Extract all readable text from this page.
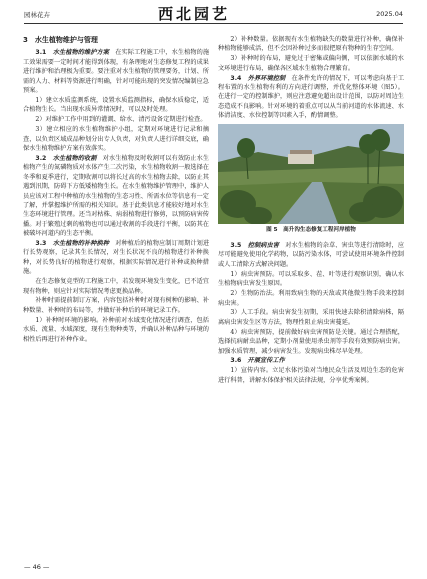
园林花卉	西北园艺	2025.04
3　水生植物维护与管理

3.1　 水生植物的维护方案　 在实际工程施工中，水生植物的施工效果需要一定时间才能得到体现，有条理地对生态修复工程的成果进行维护和治理极为重要。要注重对水生植物的管理要务，计划、所需的人力、材料等资源进行明确，针对可能出现的突发情况编制应急预案。

1）建立水质监测系统，设置水质监测指标，确保水质稳定，适合植物生长。当出现水质异常情况时，可以及时处理。

2）对维护工作中用到的灌溉、给水、清污设备定期进行检查。

3）建立相应的水生植物维护小组，定期对环境进行记录和摘查，以负责区域成品种划分出专人负责，对负责人进行详细交底，确保水生植物维护方案有效落实。

3.2　 水生植物的收割　 对水生植物及时收割可以有效防止水生植物产生的氮磷物质对水体产生二次污染，水生植物收割一般选择在冬季和夏季进行，定期收割可以将长过高的水生植物去除，以防止其遇到汛期，防碍下方低矮植物生长。在水生植物维护管理中，维护人员应该对工程中种植的水生植物的生态习性、所需水位等信息有一定了解，并掌握维护所需的相关知识。基于此类信息才能较好地对水生生态环境进行管理。还当对枯株、病弱植物进行修剪，以预防病害传播。对于繁殖过剩的植物也可以通过收割的手段进行平衡，以防其在被破坏河道内的生态平衡。

3.3　 水生植物的补种换种　 对种植后的植物应制订周期计划进行长势观察，记录其生长情况，对生长状况不良的植物进行补种换种，对长势良好的植物进行观察，根据实际情况进行补种或换种措施。

在生态修复竞型的工程施工中，若发现环境发生变化，已不适宜现有物种，则应针对实际情况考虑更换品种。

补种时需提前制订方案，内容包括补种时对现有树种的影响、补种数量、补种时的布局等，并做好补种后的环境记录工作。

1）补种时环境的影响。补种前对水域变化情况进行调查，包括水质、流量、水域深度，现有生物种类等，并确认补种品种与环境的相性后再进行补种作业。

2）补种数量。依据现有水生植物缺失的数量进行补种，确保补种植物能够成活，但不会因补种过多而很把原有物种的生存空间。

3）补种时的布局，避免过于密集或偏向侧，可以依据水域的水文环境进行布局，确保各区域水生植物合理繁育。

3.4　 外界环境控制　 在条件允许的情况下，可以考虑向基于工程布置的水生植物有利的方向进行调整，并优化整体环境（图5）。在进行一定的控制维护，则应注意避免超出设计范围，以防对周边生态造成不良影响。针对环境的着重点可以从当前河道的水体流速、水体清洁度、水位控制等因素入手，酌情调整。

图 5　高升沟生态修复工程河岸植物

3.5　 控制病虫害　 对水生植物的杂草、害虫等进行清除时，应尽可能避免使用化学药物，以防污染水体，可尝试使用环境条件控制或人工清除方式解决问题。

1）病虫害预防。可以采取多、茬、叶等进行观察识别，确认水生植物病虫害发生原因。

2）生物防治法。利用致病生物的天敌或其他微生物手段来控制病虫害。

3）人工手段。病虫害发生初期，采用快速去除积清除病株，隔离病虫害发生区等方法，物理性阻止病虫害蔓延。

4）病虫害预防，提前做好病虫害预防是关键。通过合理搭配，选择抗病耐虫品种，定期小剂量使用杀虫剂等手段有效预防病虫害。加强水质管理，减少病害发生。发现病虫株尽早处理。

3.6　 开展宣传工作

1）宣传内容。立足水体污染对当地民众生活及周边生态的危害进行科普，讲解水体保护相关法律法规，分享优秀案例。

— 46 —
